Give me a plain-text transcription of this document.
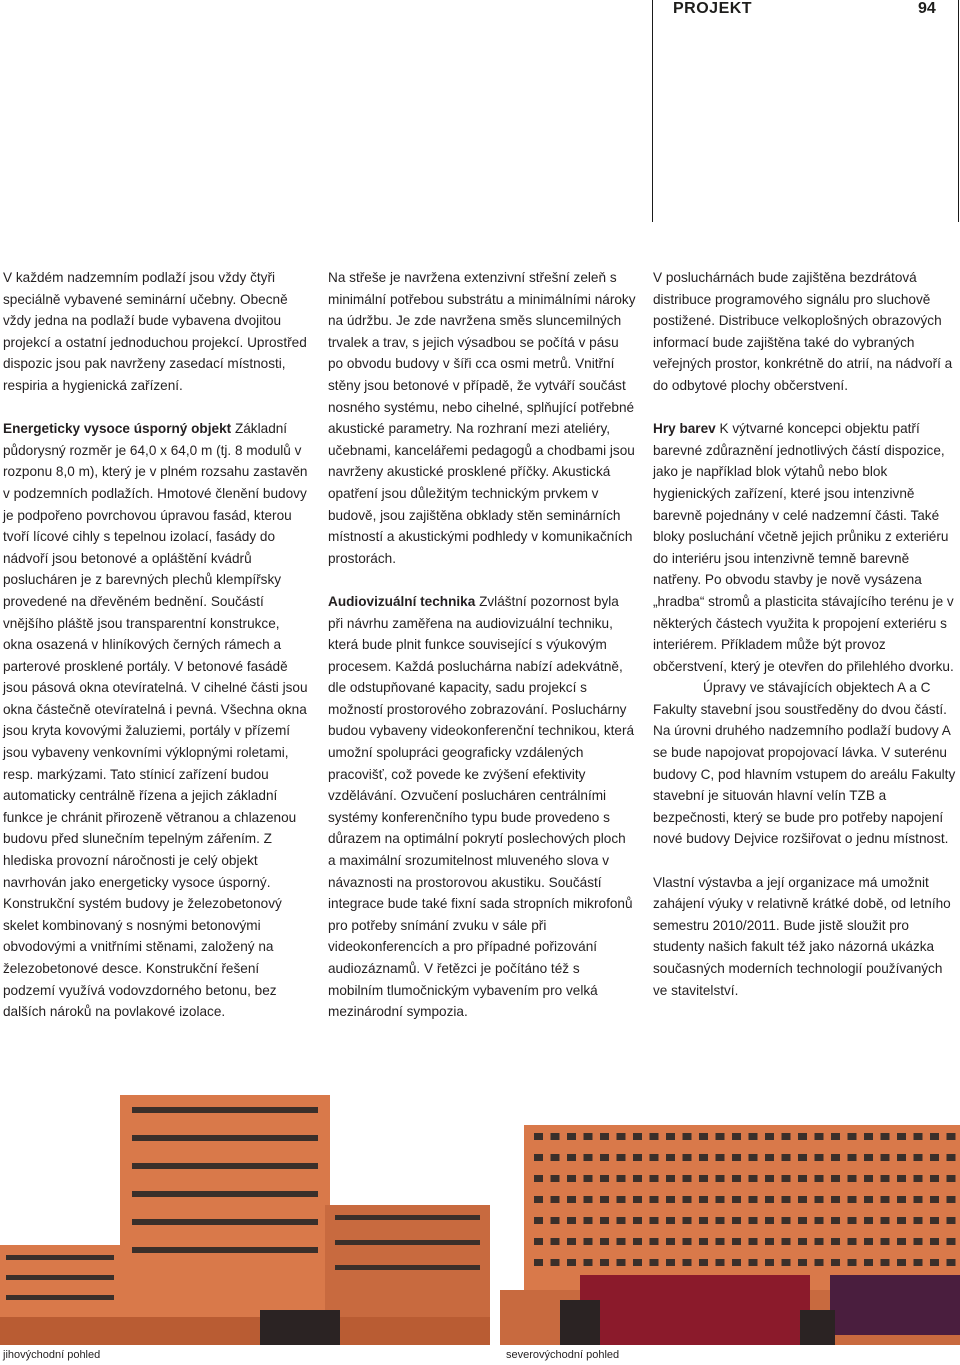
PROJEKT	94

V každém nadzemním podlaží jsou vždy čtyři speciálně vybavené seminární učebny. Obecně vždy jedna na podlaží bude vybavena dvojitou projekcí a ostatní jednoduchou projekcí. Uprostřed dispozic jsou pak navrženy zasedací místnosti, respiria a hygienická zařízení.

Energeticky vysoce úsporný objekt Základní půdorysný rozměr je 64,0 x 64,0 m (tj. 8 modulů v rozponu 8,0 m), který je v plném rozsahu zastavěn v podzemních podlažích. Hmotové členění budovy je podpořeno povrchovou úpravou fasád, kterou tvoří lícové cihly s tepelnou izolací, fasády do nádvoří jsou betonové a opláštění kvádrů poslucháren je z barevných plechů klempířsky provedené na dřevěném bednění. Součástí vnějšího pláště jsou transparentní konstrukce, okna osazená v hliníkových černých rámech a parterové prosklené portály. V betonové fasádě jsou pásová okna otevíratelná. V cihelné části jsou okna částečně otevíratelná i pevná. Všechna okna jsou kryta kovovými žaluziemi, portály v přízemí jsou vybaveny venkovními výklopnými roletami, resp. markýzami. Tato stínicí zařízení budou automaticky centrálně řízena a jejich základní funkce je chránit přirozeně větranou a chlazenou budovu před slunečním tepelným zářením. Z hlediska provozní náročnosti je celý objekt navrhován jako energeticky vysoce úsporný. Konstrukční systém budovy je železobetonový skelet kombinovaný s nosnými betonovými obvodovými a vnitřními stěnami, založený na železobetonové desce. Konstrukční řešení podzemí využívá vodovzdorného betonu, bez dalších nároků na povlakové izolace.

Na střeše je navržena extenzivní střešní zeleň s minimální potřebou substrátu a minimálními nároky na údržbu. Je zde navržena směs sluncemilných trvalek a trav, s jejich výsadbou se počítá v pásu po obvodu budovy v šíři cca osmi metrů. Vnitřní stěny jsou betonové v případě, že vytváří součást nosného systému, nebo cihelné, splňující potřebné akustické parametry. Na rozhraní mezi ateliéry, učebnami, kancelářemi pedagogů a chodbami jsou navrženy akustické prosklené příčky. Akustická opatření jsou důležitým technickým prvkem v budově, jsou zajištěna obklady stěn seminárních místností a akustickými podhledy v komunikačních prostorách.

Audiovizuální technika Zvláštní pozornost byla při návrhu zaměřena na audiovizuální techniku, která bude plnit funkce související s výukovým procesem. Každá posluchárna nabízí adekvátně, dle odstupňované kapacity, sadu projekcí s možností prostorového zobrazování. Posluchárny budou vybaveny videokonferenční technikou, která umožní spolupráci geograficky vzdálených pracovišť, což povede ke zvýšení efektivity vzdělávání. Ozvučení poslucháren centrálními systémy konferenčního typu bude provedeno s důrazem na optimální pokrytí poslechových ploch a maximální srozumitelnost mluveného slova v návaznosti na prostorovou akustiku. Součástí integrace bude také fixní sada stropních mikrofonů pro potřeby snímání zvuku v sále při videokonferencích a pro případné pořizování audiozáznamů. V řetězci je počítáno též s mobilním tlumočnickým vybavením pro velká mezinárodní sympozia.

V posluchárnách bude zajištěna bezdrátová distribuce programového signálu pro sluchově postižené. Distribuce velkoplošných obrazových informací bude zajištěna také do vybraných veřejných prostor, konkrétně do atrií, na nádvoří a do odbytové plochy občerstvení.

Hry barev K výtvarné koncepci objektu patří barevné zdůraznění jednotlivých částí dispozice, jako je například blok výtahů nebo blok hygienických zařízení, které jsou intenzivně barevně pojednány v celé nadzemní části. Také bloky posluchání včetně jejich průniku z exteriéru do interiéru jsou intenzivně temně barevně natřeny. Po obvodu stavby je nově vysázena „hradba“ stromů a plasticita stávajícího terénu je v některých částech využita k propojení exteriéru s interiérem. Příkladem může být provoz občerstvení, který je otevřen do přilehlého dvorku.

Úpravy ve stávajících objektech A a C Fakulty stavební jsou soustředěny do dvou částí. Na úrovni druhého nadzemního podlaží budovy A se bude napojovat propojovací lávka. V suterénu budovy C, pod hlavním vstupem do areálu Fakulty stavební je situován hlavní velín TZB a bezpečnosti, který se bude pro potřeby napojení nové budovy Dejvice rozšiřovat o jednu místnost.

Vlastní výstavba a její organizace má umožnit zahájení výuky v relativně krátké době, od letního semestru 2010/2011. Bude jistě sloužit pro studenty našich fakult též jako názorná ukázka současných moderních technologií používaných ve stavitelství.

jihovýchodní pohled	severovýchodní pohled
